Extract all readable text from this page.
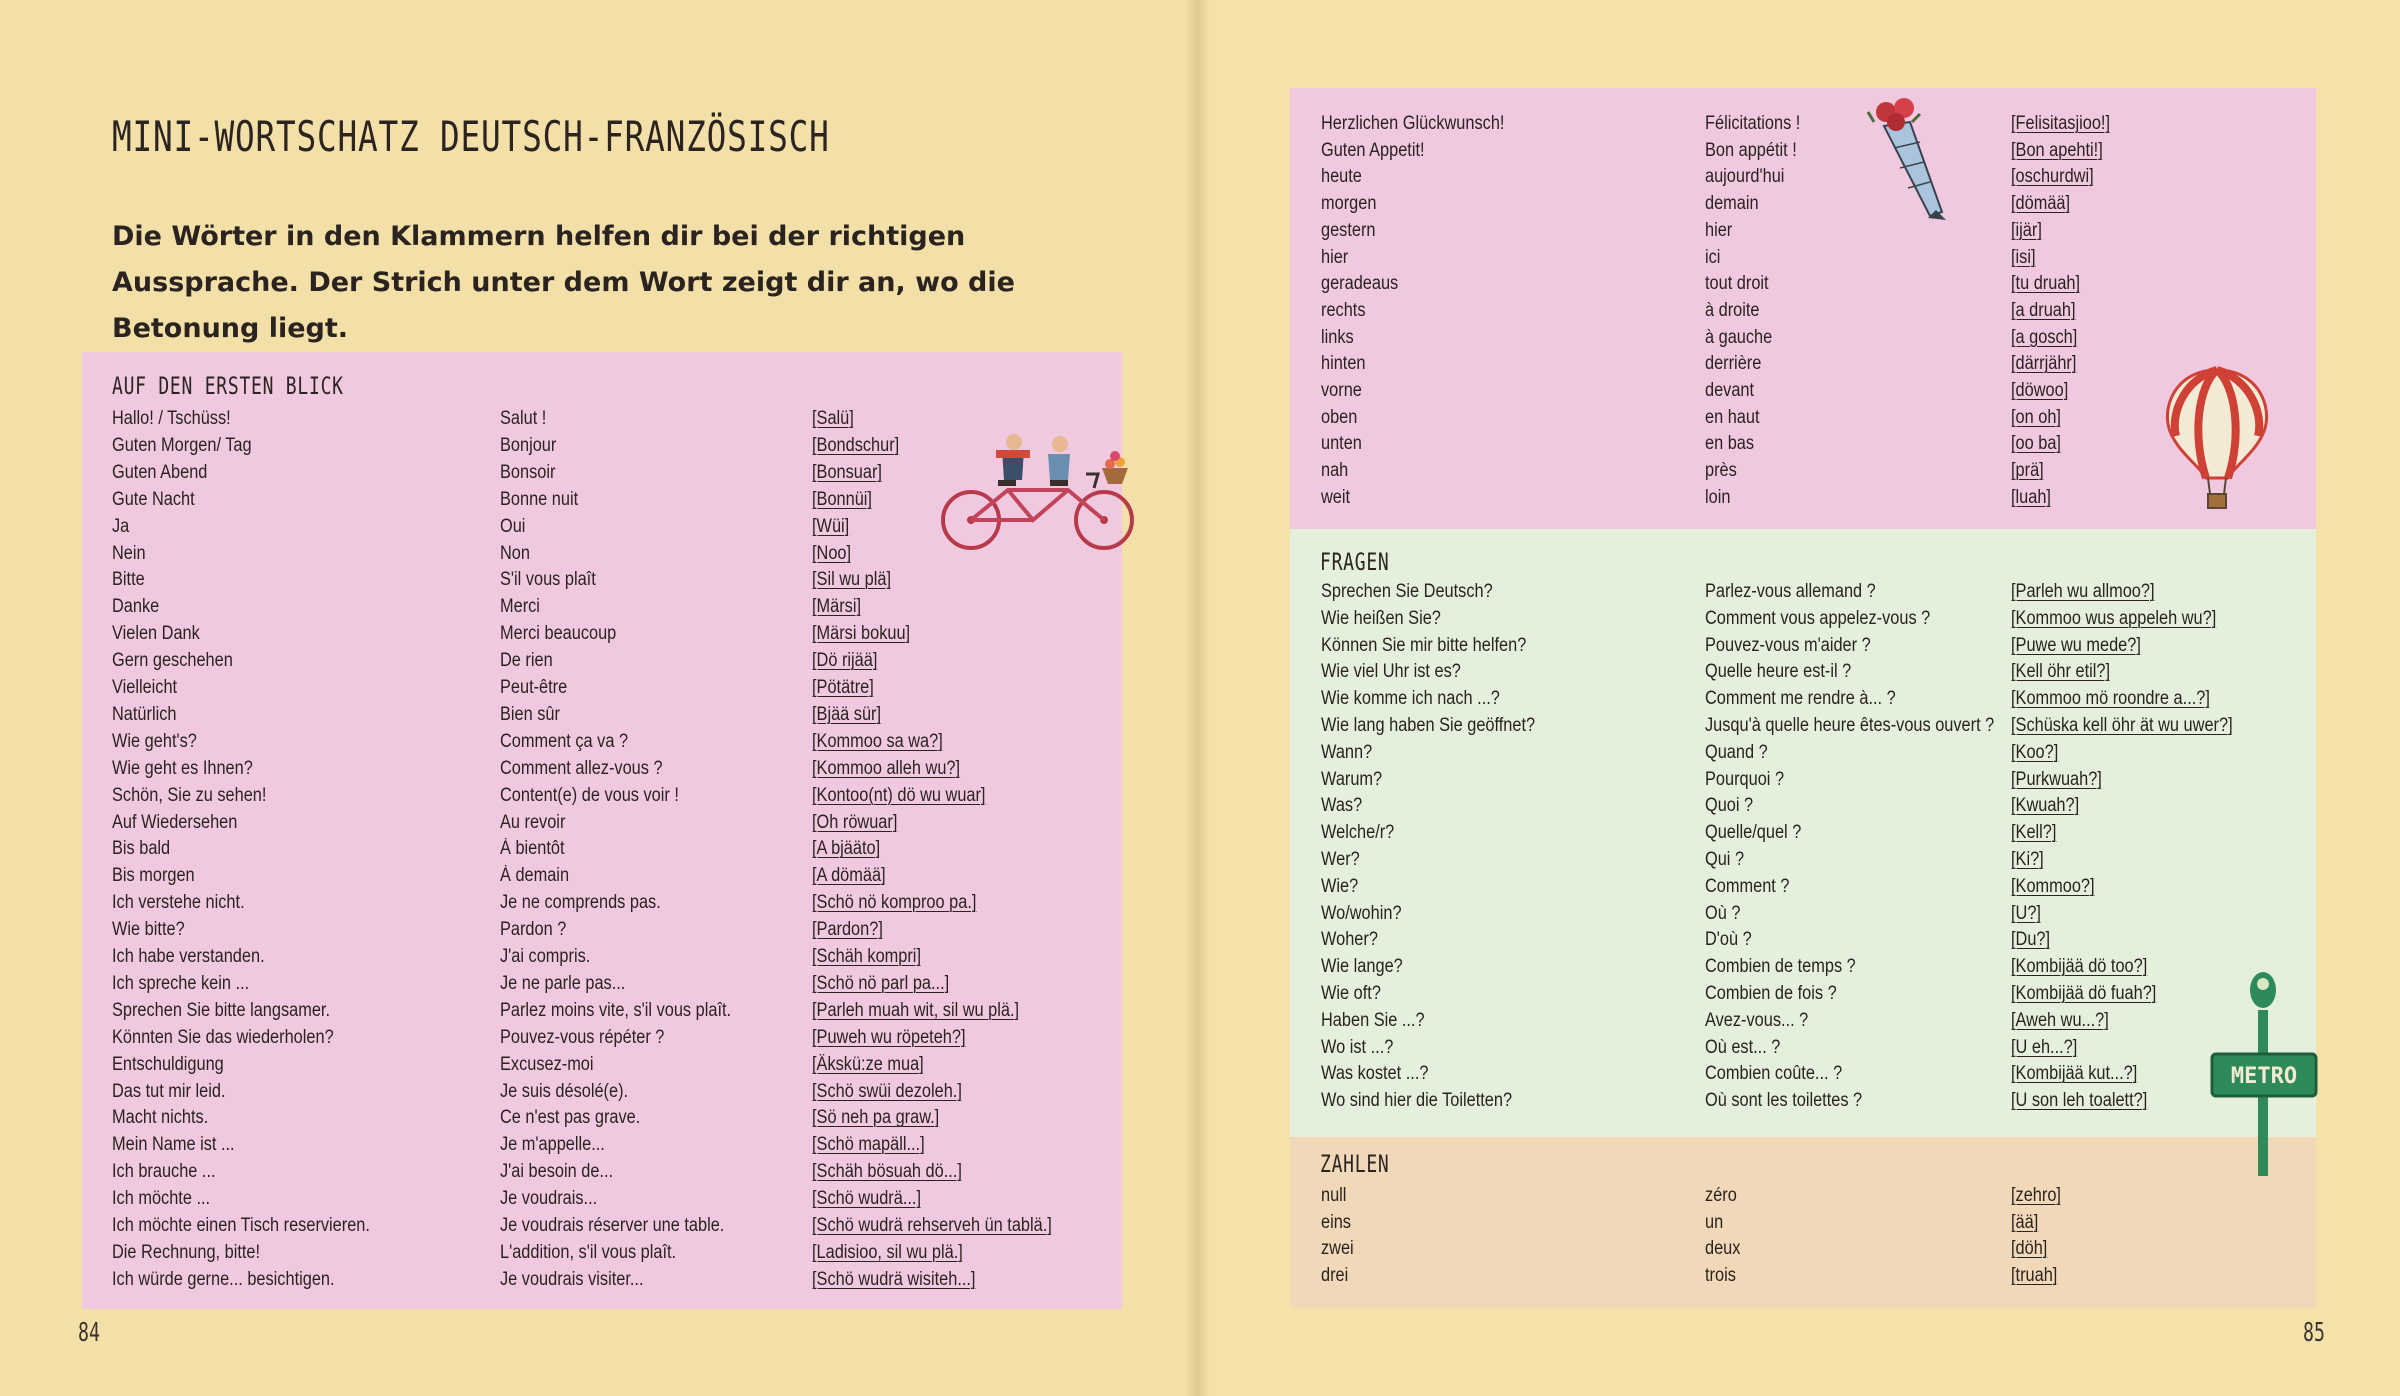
MINI-WORTSCHATZ DEUTSCH-FRANZÖSISCH
Die Wörter in den Klammern helfen dir bei der richtigen Aussprache. Der Strich unter dem Wort zeigt dir an, wo die Betonung liegt.
AUF DEN ERSTEN BLICK
FRAGEN
ZAHLEN
Hallo! / Tschüss!	Salut !	[Salü]
Guten Morgen/ Tag	Bonjour	[Bondschur]
Guten Abend	Bonsoir	[Bonsuar]
Gute Nacht	Bonne nuit	[Bonnüi]
Ja	Oui	[Wüi]
Nein	Non	[Noo]
Bitte	S'il vous plaît	[Sil wu plä]
Danke	Merci	[Märsi]
Vielen Dank	Merci beaucoup	[Märsi bokuu]
Gern geschehen	De rien	[Dö rijää]
Vielleicht	Peut-être	[Pötätre]
Natürlich	Bien sûr	[Bjää sür]
Wie geht's?	Comment ça va ?	[Kommoo sa wa?]
Wie geht es Ihnen?	Comment allez-vous ?	[Kommoo alleh wu?]
Schön, Sie zu sehen!	Content(e) de vous voir !	[Kontoo(nt) dö wu wuar]
Auf Wiedersehen	Au revoir	[Oh röwuar]
Bis bald	À bientôt	[A bjääto]
Bis morgen	À demain	[A dömää]
Ich verstehe nicht.	Je ne comprends pas.	[Schö nö komproo pa.]
Wie bitte?	Pardon ?	[Pardon?]
Ich habe verstanden.	J'ai compris.	[Schäh kompri]
Ich spreche kein ...	Je ne parle pas...	[Schö nö parl pa...]
Sprechen Sie bitte langsamer.	Parlez moins vite, s'il vous plaît.	[Parleh muah wit, sil wu plä.]
Könnten Sie das wiederholen?	Pouvez-vous répéter ?	[Puweh wu röpeteh?]
Entschuldigung	Excusez-moi	[Äkskü:ze mua]
Das tut mir leid.	Je suis désolé(e).	[Schö swüi dezoleh.]
Macht nichts.	Ce n'est pas grave.	[Sö neh pa graw.]
Mein Name ist ...	Je m'appelle...	[Schö mapäll...]
Ich brauche ...	J'ai besoin de...	[Schäh bösuah dö...]
Ich möchte ...	Je voudrais...	[Schö wudrä...]
Ich möchte einen Tisch reservieren.	Je voudrais réserver une table.	[Schö wudrä rehserveh ün tablä.]
Die Rechnung, bitte!	L'addition, s'il vous plaît.	[Ladisioo, sil wu plä.]
Ich würde gerne... besichtigen.	Je voudrais visiter...	[Schö wudrä wisiteh...]
Herzlichen Glückwunsch!	Félicitations !	[Felisitasjioo!]
Guten Appetit!	Bon appétit !	[Bon apehti!]
heute	aujourd'hui	[oschurdwi]
morgen	demain	[dömää]
gestern	hier	[ijär]
hier	ici	[isi]
geradeaus	tout droit	[tu druah]
rechts	à droite	[a druah]
links	à gauche	[a gosch]
hinten	derrière	[därrjähr]
vorne	devant	[döwoo]
oben	en haut	[on oh]
unten	en bas	[oo ba]
nah	près	[prä]
weit	loin	[luah]
Sprechen Sie Deutsch?	Parlez-vous allemand ?	[Parleh wu allmoo?]
Wie heißen Sie?	Comment vous appelez-vous ?	[Kommoo wus appeleh wu?]
Können Sie mir bitte helfen?	Pouvez-vous m'aider ?	[Puwe wu mede?]
Wie viel Uhr ist es?	Quelle heure est-il ?	[Kell öhr etil?]
Wie komme ich nach ...?	Comment me rendre à... ?	[Kommoo mö roondre a...?]
Wie lang haben Sie geöffnet?	Jusqu'à quelle heure êtes-vous ouvert ? [Schüska kell öhr ät wu uwer?]
Wann?	Quand ?	[Koo?]
Warum?	Pourquoi ?	[Purkwuah?]
Was?	Quoi ?	[Kwuah?]
Welche/r?	Quelle/quel ?	[Kell?]
Wer?	Qui ?	[Ki?]
Wie?	Comment ?	[Kommoo?]
Wo/wohin?	Où ?	[U?]
Woher?	D'où ?	[Du?]
Wie lange?	Combien de temps ?	[Kombijää dö too?]
Wie oft?	Combien de fois ?	[Kombijää dö fuah?]
Haben Sie ...?	Avez-vous... ?	[Aweh wu...?]
Wo ist ...?	Où est... ?	[U eh...?]
Was kostet ...?	Combien coûte... ?	[Kombijää kut...?]
Wo sind hier die Toiletten?	Où sont les toilettes ?	[U son leh toalett?]
null	zéro	[zehro]
eins	un	[ää]
zwei	deux	[döh]
drei	trois	[truah]
84	85
METRO
